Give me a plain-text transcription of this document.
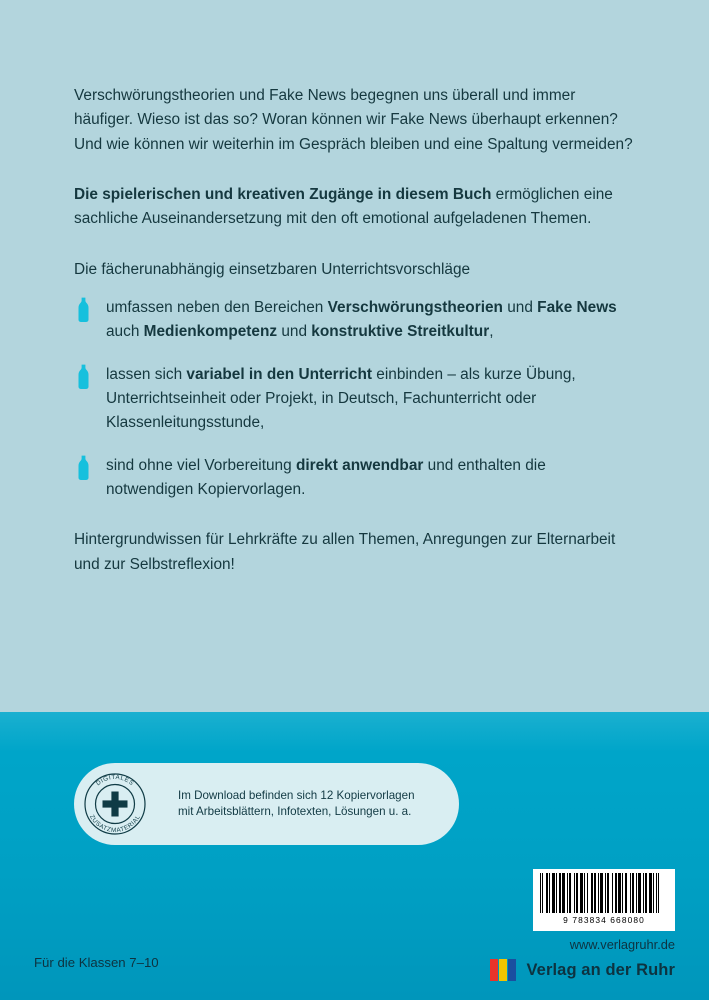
Verschwörungstheorien und Fake News begegnen uns überall und immer häufiger. Wieso ist das so? Woran können wir Fake News überhaupt erkennen? Und wie können wir weiterhin im Gespräch bleiben und eine Spaltung vermeiden?

Die spielerischen und kreativen Zugänge in diesem Buch ermöglichen eine sachliche Auseinandersetzung mit den oft emotional aufgeladenen Themen.

Die fächerunabhängig einsetzbaren Unterrichtsvorschläge

umfassen neben den Bereichen Verschwörungstheorien und Fake News auch Medienkompetenz und konstruktive Streitkultur,
lassen sich variabel in den Unterricht einbinden – als kurze Übung, Unterrichtseinheit oder Projekt, in Deutsch, Fachunterricht oder Klassenleitungsstunde,
sind ohne viel Vorbereitung direkt anwendbar und enthalten die notwendigen Kopiervorlagen.

Hintergrundwissen für Lehrkräfte zu allen Themen, Anregungen zur Elternarbeit und zur Selbstreflexion!

DIGITALES
ZUSATZMATERIAL
Im Download befinden sich 12 Kopiervorlagen mit Arbeitsblättern, Infotexten, Lösungen u. a.
9 783834 668080
www.verlagruhr.de
Verlag an der Ruhr
Für die Klassen 7–10
